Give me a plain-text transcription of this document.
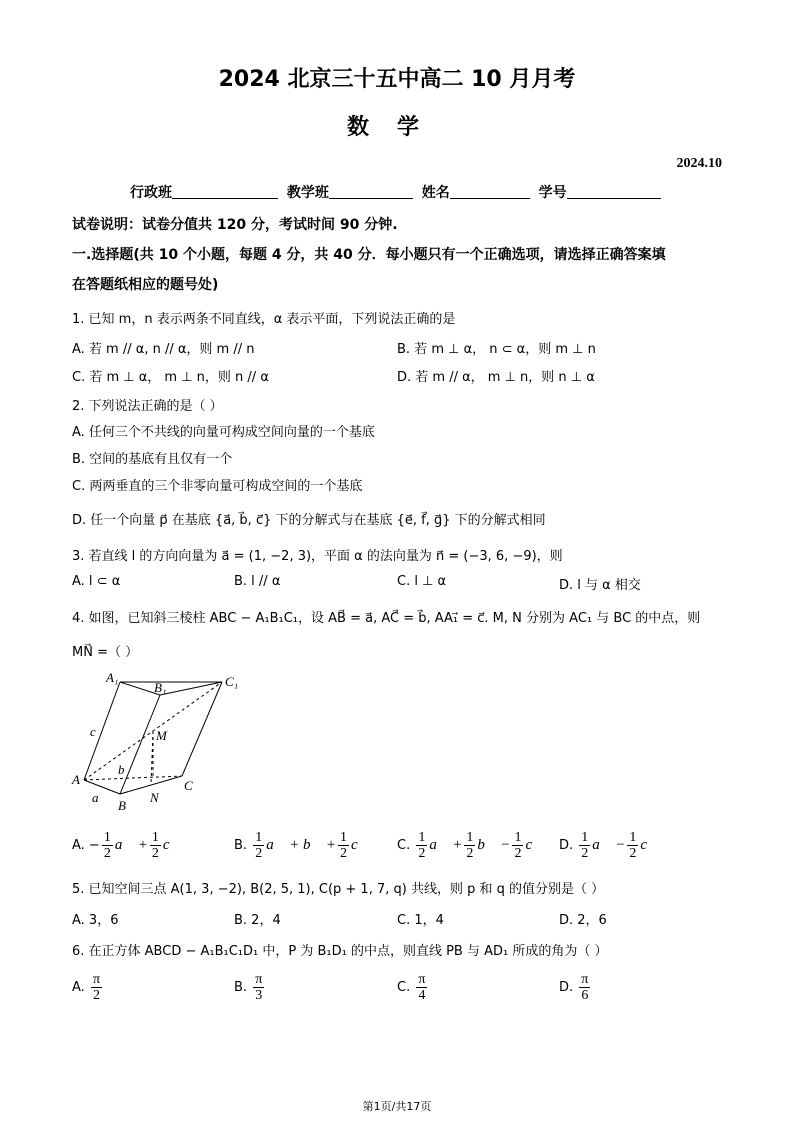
2024 北京三十五中高二 10 月月考
数学
2024.10
行政班	教学班	姓名	学号
试卷说明：试卷分值共 120 分，考试时间 90 分钟.
一.选择题(共 10 个小题，每题 4 分，共 40 分．每小题只有一个正确选项，请选择正确答案填
在答题纸相应的题号处)
1. 已知 m，n 表示两条不同直线，α 表示平面，下列说法正确的是
A. 若 m // α, n // α，则 m // n	B. 若 m ⊥ α， n ⊂ α，则 m ⊥ n
C. 若 m ⊥ α， m ⊥ n，则 n // α	D. 若 m // α， m ⊥ n，则 n ⊥ α
2. 下列说法正确的是（ ）
A. 任何三个不共线的向量可构成空间向量的一个基底
B. 空间的基底有且仅有一个
C. 两两垂直的三个非零向量可构成空间的一个基底
D. 任一个向量 p⃗ 在基底 {a⃗, b⃗, c⃗} 下的分解式与在基底 {e⃗, f⃗, g⃗} 下的分解式相同
3. 若直线 l 的方向向量为 a⃗ = (1, −2, 3)，平面 α 的法向量为 n⃗ = (−3, 6, −9)，则
A. l ⊂ α	B. l // α	C. l ⊥ α	D. l 与 α 相交
4. 如图，已知斜三棱柱 ABC − A₁B₁C₁，设 AB⃗ = a⃗, AC⃗ = b⃗, AA₁⃗ = c⃗. M, N 分别为 AC₁ 与 BC 的中点，则
MN⃗ =（ ）
A₁
B₁	C₁
M
c⃗
b⃗
a⃗
A
B
N
C
A. − $\frac{1}{2}$ a⃗ + $\frac{1}{2}$ c⃗	B. $\frac{1}{2}$ a⃗ + b⃗ + $\frac{1}{2}$ c⃗ C. $\frac{1}{2}$ a⃗ + $\frac{1}{2}$ b⃗ − $\frac{1}{2}$ c⃗ D. $\frac{1}{2}$ a⃗ − $\frac{1}{2}$ c⃗
5. 已知空间三点 A(1, 3, −2), B(2, 5, 1), C(p + 1, 7, q) 共线，则 p 和 q 的值分别是（ ）
A. 3，6	B. 2，4	C. 1，4	D. 2，6
6. 在正方体 ABCD − A₁B₁C₁D₁ 中，P 为 B₁D₁ 的中点，则直线 PB 与 AD₁ 所成的角为（ ）
A. $\frac{\pi}{2}$	B. $\frac{\pi}{3}$	C. $\frac{\pi}{4}$	D. $\frac{\pi}{6}$
第1页/共17页
